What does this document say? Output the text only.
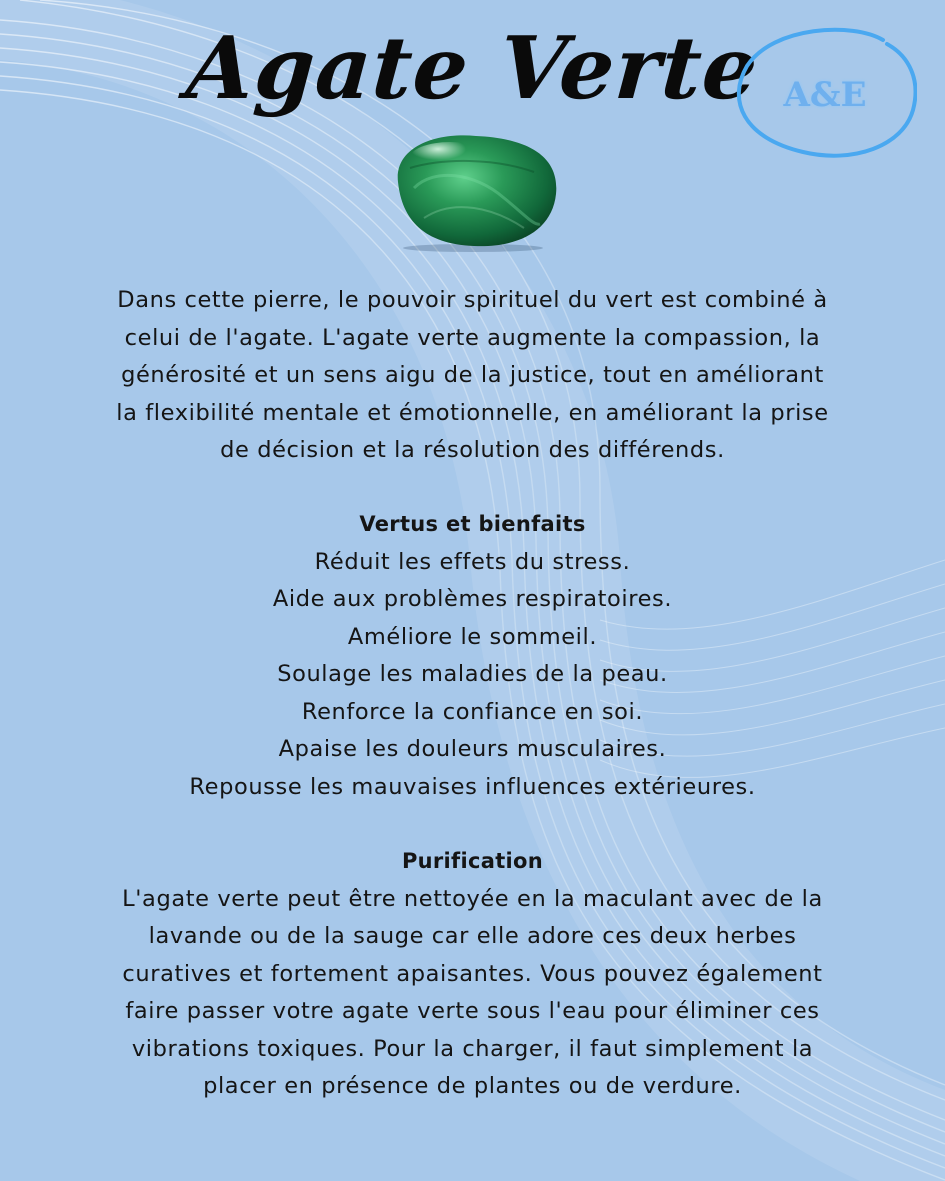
Agate Verte A&E
Dans cette pierre, le pouvoir spirituel du vert est combiné à
celui de l'agate. L'agate verte augmente la compassion, la
générosité et un sens aigu de la justice, tout en améliorant
la flexibilité mentale et émotionnelle, en améliorant la prise
de décision et la résolution des différends.
Vertus et bienfaits
Réduit les effets du stress.
Aide aux problèmes respiratoires.
Améliore le sommeil.
Soulage les maladies de la peau.
Renforce la confiance en soi.
Apaise les douleurs musculaires.
Repousse les mauvaises influences extérieures.
Purification
L'agate verte peut être nettoyée en la maculant avec de la
lavande ou de la sauge car elle adore ces deux herbes
curatives et fortement apaisantes. Vous pouvez également
faire passer votre agate verte sous l'eau pour éliminer ces
vibrations toxiques. Pour la charger, il faut simplement la
placer en présence de plantes ou de verdure.
